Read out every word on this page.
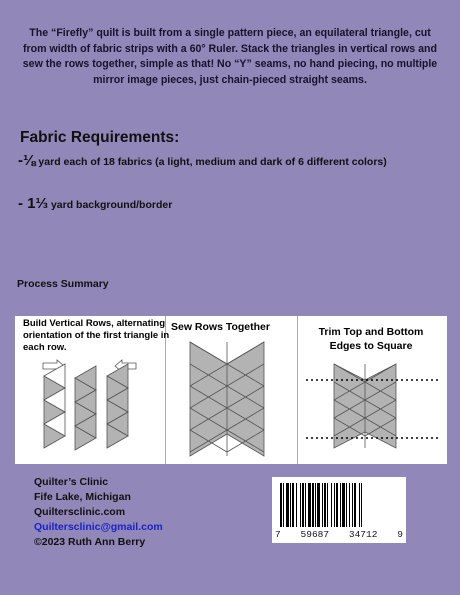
The “Firefly” quilt is built from a single pattern piece, an equilateral triangle, cut from width of fabric strips with a 60° Ruler. Stack the triangles in vertical rows and sew the rows together, simple as that! No “Y” seams, no hand piecing, no multiple mirror image pieces, just chain-pieced straight seams.
Fabric Requirements:
-⅛ yard each of 18 fabrics (a light, medium and dark of 6 different colors)
- 1⅓ yard background/border
Process Summary
Build Vertical Rows, alternating orientation of the first triangle in each row.
Sew Rows Together	Trim Top and Bottom Edges to Square
Quilter’s Clinic
Fife Lake, Michigan
Quiltersclinic.com
Quiltersclinic@gmail.com
©2023 Ruth Ann Berry
7 59687 34712 9
